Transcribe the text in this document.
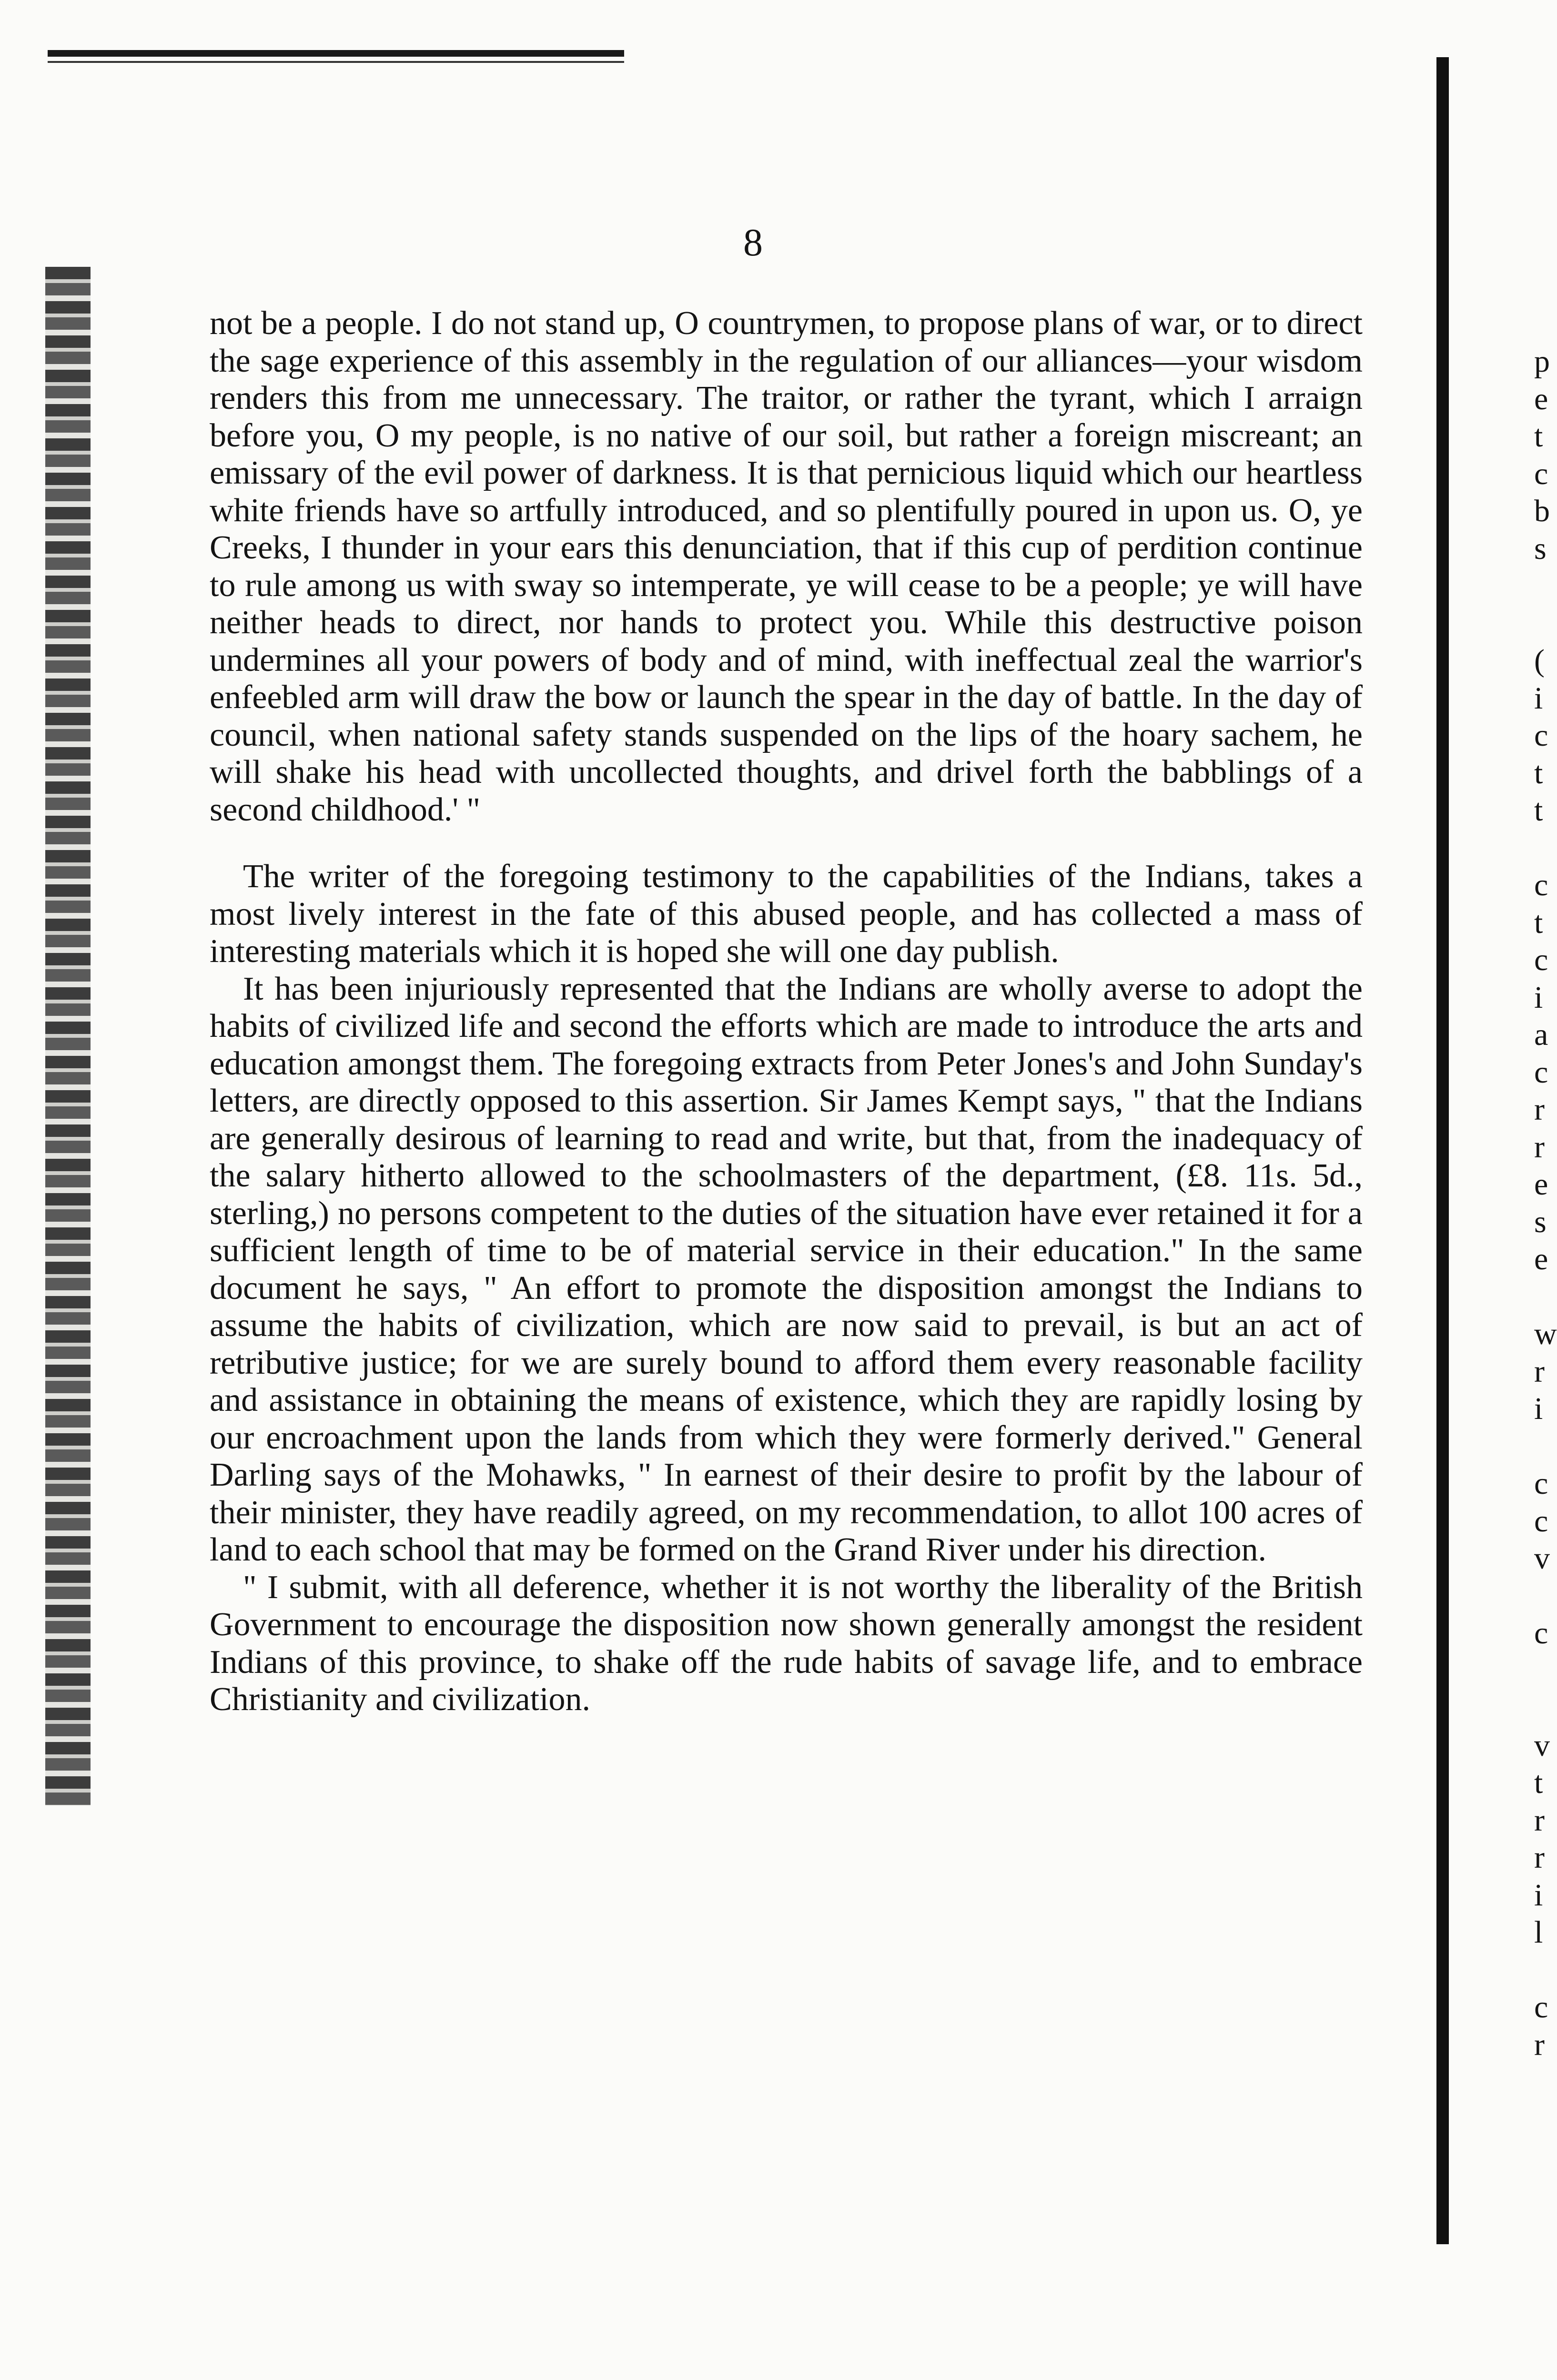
8

not be a people. I do not stand up, O countrymen, to propose plans of war, or to direct the sage experience of this assembly in the regulation of our alliances—your wisdom renders this from me unnecessary. The traitor, or rather the tyrant, which I arraign before you, O my people, is no native of our soil, but rather a foreign miscreant; an emissary of the evil power of darkness. It is that pernicious liquid which our heartless white friends have so artfully introduced, and so plentifully poured in upon us. O, ye Creeks, I thunder in your ears this denunciation, that if this cup of perdition continue to rule among us with sway so intemperate, ye will cease to be a people; ye will have neither heads to direct, nor hands to protect you. While this destructive poison undermines all your powers of body and of mind, with ineffectual zeal the warrior's enfeebled arm will draw the bow or launch the spear in the day of battle. In the day of council, when national safety stands suspended on the lips of the hoary sachem, he will shake his head with uncollected thoughts, and drivel forth the babblings of a second childhood.' "

The writer of the foregoing testimony to the capabilities of the Indians, takes a most lively interest in the fate of this abused people, and has collected a mass of interesting materials which it is hoped she will one day publish.

It has been injuriously represented that the Indians are wholly averse to adopt the habits of civilized life and second the efforts which are made to introduce the arts and education amongst them. The foregoing extracts from Peter Jones's and John Sunday's letters, are directly opposed to this assertion. Sir James Kempt says, " that the Indians are generally desirous of learning to read and write, but that, from the inadequacy of the salary hitherto allowed to the schoolmasters of the department, (£8. 11s. 5d., sterling,) no persons competent to the duties of the situation have ever retained it for a sufficient length of time to be of material service in their education." In the same document he says, " An effort to promote the disposition amongst the Indians to assume the habits of civilization, which are now said to prevail, is but an act of retributive justice; for we are surely bound to afford them every reasonable facility and assistance in obtaining the means of existence, which they are rapidly losing by our encroachment upon the lands from which they were formerly derived." General Darling says of the Mohawks, " In earnest of their desire to profit by the labour of their minister, they have readily agreed, on my recommendation, to allot 100 acres of land to each school that may be formed on the Grand River under his direction.

" I submit, with all deference, whether it is not worthy the liberality of the British Government to encourage the disposition now shown generally amongst the resident Indians of this province, to shake off the rude habits of savage life, and to embrace Christianity and civilization.

p
e
t
c
b
s
(
i
c
t
t
c
t
c
i
a
c
r
r
e
s
e
w
r
i
c
c
v
c
v
t
r
r
i
l
c
r
